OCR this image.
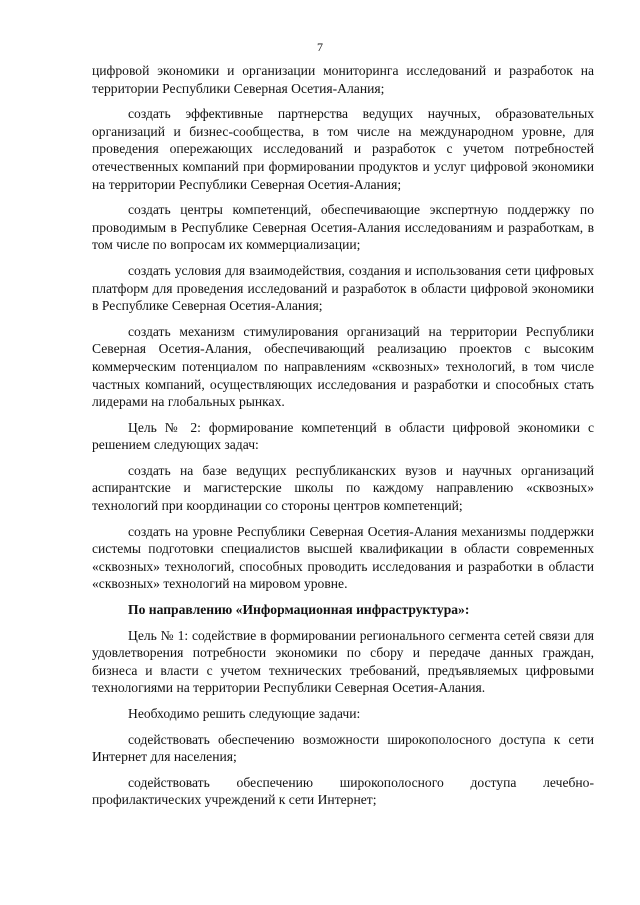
7

цифровой экономики и организации мониторинга исследований и разработок на территории Республики Северная Осетия-Алания;

создать эффективные партнерства ведущих научных, образовательных организаций и бизнес-сообщества, в том числе на международном уровне, для проведения опережающих исследований и разработок с учетом потребностей отечественных компаний при формировании продуктов и услуг цифровой экономики на территории Республики Северная Осетия-Алания;

создать центры компетенций, обеспечивающие экспертную поддержку по проводимым в Республике Северная Осетия-Алания исследованиям и разработкам, в том числе по вопросам их коммерциализации;

создать условия для взаимодействия, создания и использования сети цифровых платформ для проведения исследований и разработок в области цифровой экономики в Республике Северная Осетия-Алания;

создать механизм стимулирования организаций на территории Республики Северная Осетия-Алания, обеспечивающий реализацию проектов с высоким коммерческим потенциалом по направлениям «сквозных» технологий, в том числе частных компаний, осуществляющих исследования и разработки и способных стать лидерами на глобальных рынках.

Цель № 2: формирование компетенций в области цифровой экономики с решением следующих задач:

создать на базе ведущих республиканских вузов и научных организаций аспирантские и магистерские школы по каждому направлению «сквозных» технологий при координации со стороны центров компетенций;

создать на уровне Республики Северная Осетия-Алания механизмы поддержки системы подготовки специалистов высшей квалификации в области современных «сквозных» технологий, способных проводить исследования и разработки в области «сквозных» технологий на мировом уровне.

По направлению «Информационная инфраструктура»:

Цель № 1: содействие в формировании регионального сегмента сетей связи для удовлетворения потребности экономики по сбору и передаче данных граждан, бизнеса и власти с учетом технических требований, предъявляемых цифровыми технологиями на территории Республики Северная Осетия-Алания.

Необходимо решить следующие задачи:

содействовать обеспечению возможности широкополосного доступа к сети Интернет для населения;

содействовать обеспечению широкополосного доступа лечебно-профилактических учреждений к сети Интернет;
